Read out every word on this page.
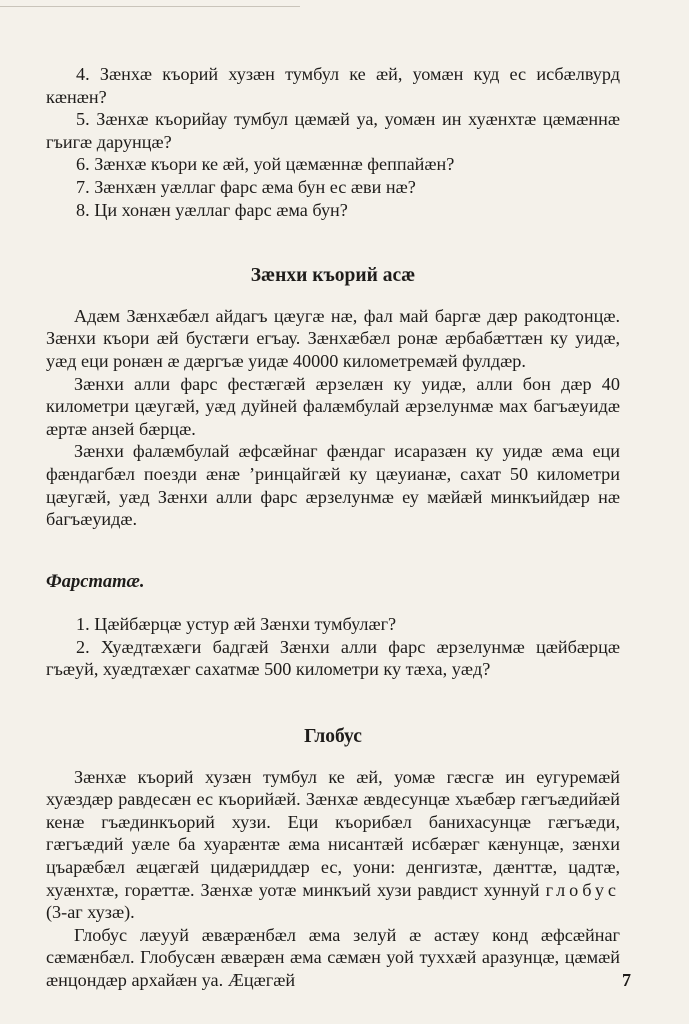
4. Зæнхæ къорий хузæн тумбул ке æй, уомæн куд ес исбæлвурд кæнæн?

5. Зæнхæ къорийау тумбул цæмæй уа, уомæн ин хуæнхтæ цæмæннæ гъигæ дарунцæ?

6. Зæнхæ къори ке æй, уой цæмæннæ феппайæн?

7. Зæнхæн уæллаг фарс æма бун ес æви нæ?

8. Ци хонæн уæллаг фарс æма бун?

Зæнхи къорий асæ

Адæм Зæнхæбæл айдагъ цæугæ нæ, фал май баргæ дæр ракодтонцæ. Зæнхи къори æй бустæги егъау. Зæнхæбæл ронæ æрбабæттæн ку уидæ, уæд еци ронæн æ дæргъæ уидæ 40000 километремæй фулдæр.

Зæнхи алли фарс фестæгæй æрзелæн ку уидæ, алли бон дæр 40 километри цæугæй, уæд дуйней фалæмбулай æрзелунмæ мах багъæуидæ æртæ анзей бæрцæ.

Зæнхи фалæмбулай æфсæйнаг фæндаг исаразæн ку уидæ æма еци фæндагбæл поезди æнæ ’ринцайгæй ку цæуианæ, сахат 50 километри цæугæй, уæд Зæнхи алли фарс æрзелунмæ еу мæйæй минкъийдæр нæ багъæуидæ.

Фарстатæ.

1. Цæйбæрцæ устур æй Зæнхи тумбулæг?

2. Хуæдтæхæги бадгæй Зæнхи алли фарс æрзелунмæ цæйбæрцæ гъæуй, хуæдтæхæг сахатмæ 500 километри ку тæха, уæд?

Глобус

Зæнхæ къорий хузæн тумбул ке æй, уомæ гæсгæ ин еугуремæй хуæздæр равдесæн ес къорийæй. Зæнхæ æвдесунцæ хъæбæр гæгъæдийæй кенæ гъæдинкъорий хузи. Еци къорибæл банихасунцæ гæгъæди, гæгъæдий уæле ба хуарæнтæ æма нисантæй исбæрæг кæнунцæ, зæнхи цъарæбæл æцæгæй цидæриддæр ес, уони: денгизтæ, дæнттæ, цадтæ, хуæнхтæ, горæттæ. Зæнхæ уотæ минкъий хузи равдист хуннуй глобус (3-аг хузæ).

Глобус лæууй æвæрæнбæл æма зелуй æ астæу конд æфсæйнаг сæмæнбæл. Глобусæн æвæрæн æма сæмæн уой туххæй аразунцæ, цæмæй æнцондæр архайæн уа. Æцæгæй	7
